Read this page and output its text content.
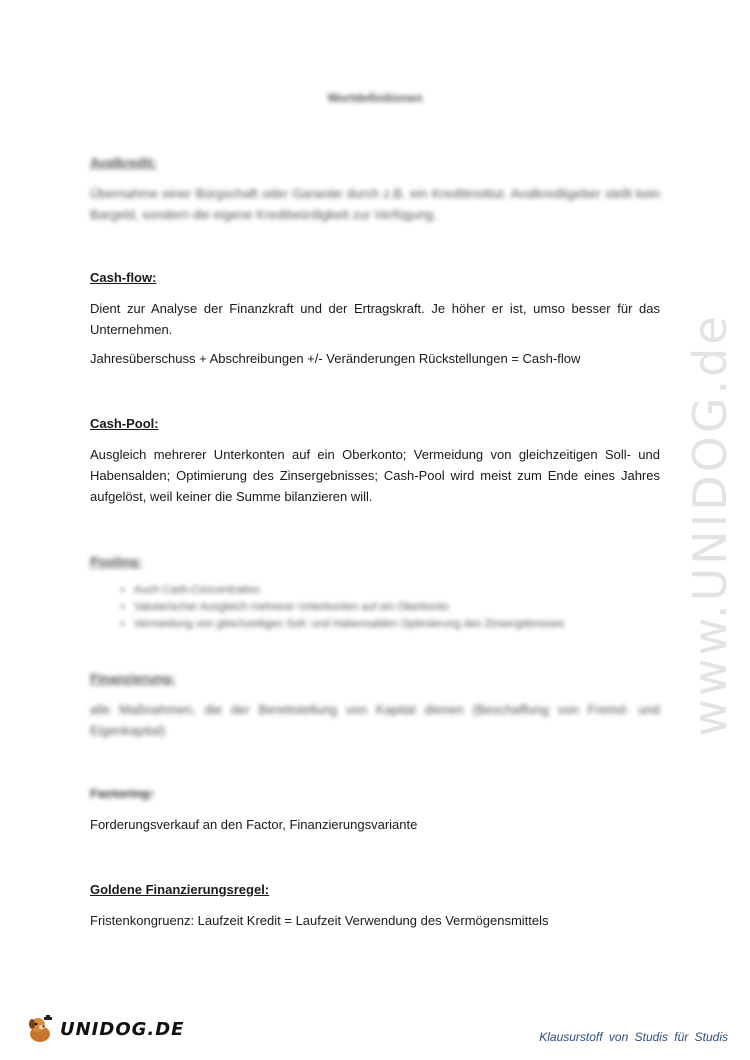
www.UNIDOG.de
Wortdefinitionen

Avalkredit:

Übernahme einer Bürgschaft oder Garantie durch z.B. ein Kreditinstitut. Avalkreditgeber stellt kein Bargeld, sondern die eigene Kreditwürdigkeit zur Verfügung.

Cash-flow:

Dient zur Analyse der Finanzkraft und der Ertragskraft. Je höher er ist, umso besser für das Unternehmen.

Jahresüberschuss + Abschreibungen +/- Veränderungen Rückstellungen = Cash-flow

Cash-Pool:

Ausgleich mehrerer Unterkonten auf ein Oberkonto; Vermeidung von gleichzeitigen Soll- und Habensalden; Optimierung des Zinsergebnisses; Cash-Pool wird meist zum Ende eines Jahres aufgelöst, weil keiner die Summe bilanzieren will.

Pooling:

• Auch Cash-Concentration
• Valutarischer Ausgleich mehrerer Unterkonten auf ein Oberkonto
• Vermeidung von gleichzeitigen Soll- und Habensalden Optimierung des Zinsergebnisses

Finanzierung:

alle Maßnahmen, die der Bereitstellung von Kapital dienen (Beschaffung von Fremd- und Eigenkapital)

Factoring:

Forderungsverkauf an den Factor, Finanzierungsvariante

Goldene Finanzierungsregel:

Fristenkongruenz: Laufzeit Kredit = Laufzeit Verwendung des Vermögensmittels

UNIDOG.DE	Klausurstoff von Studis für Studis
